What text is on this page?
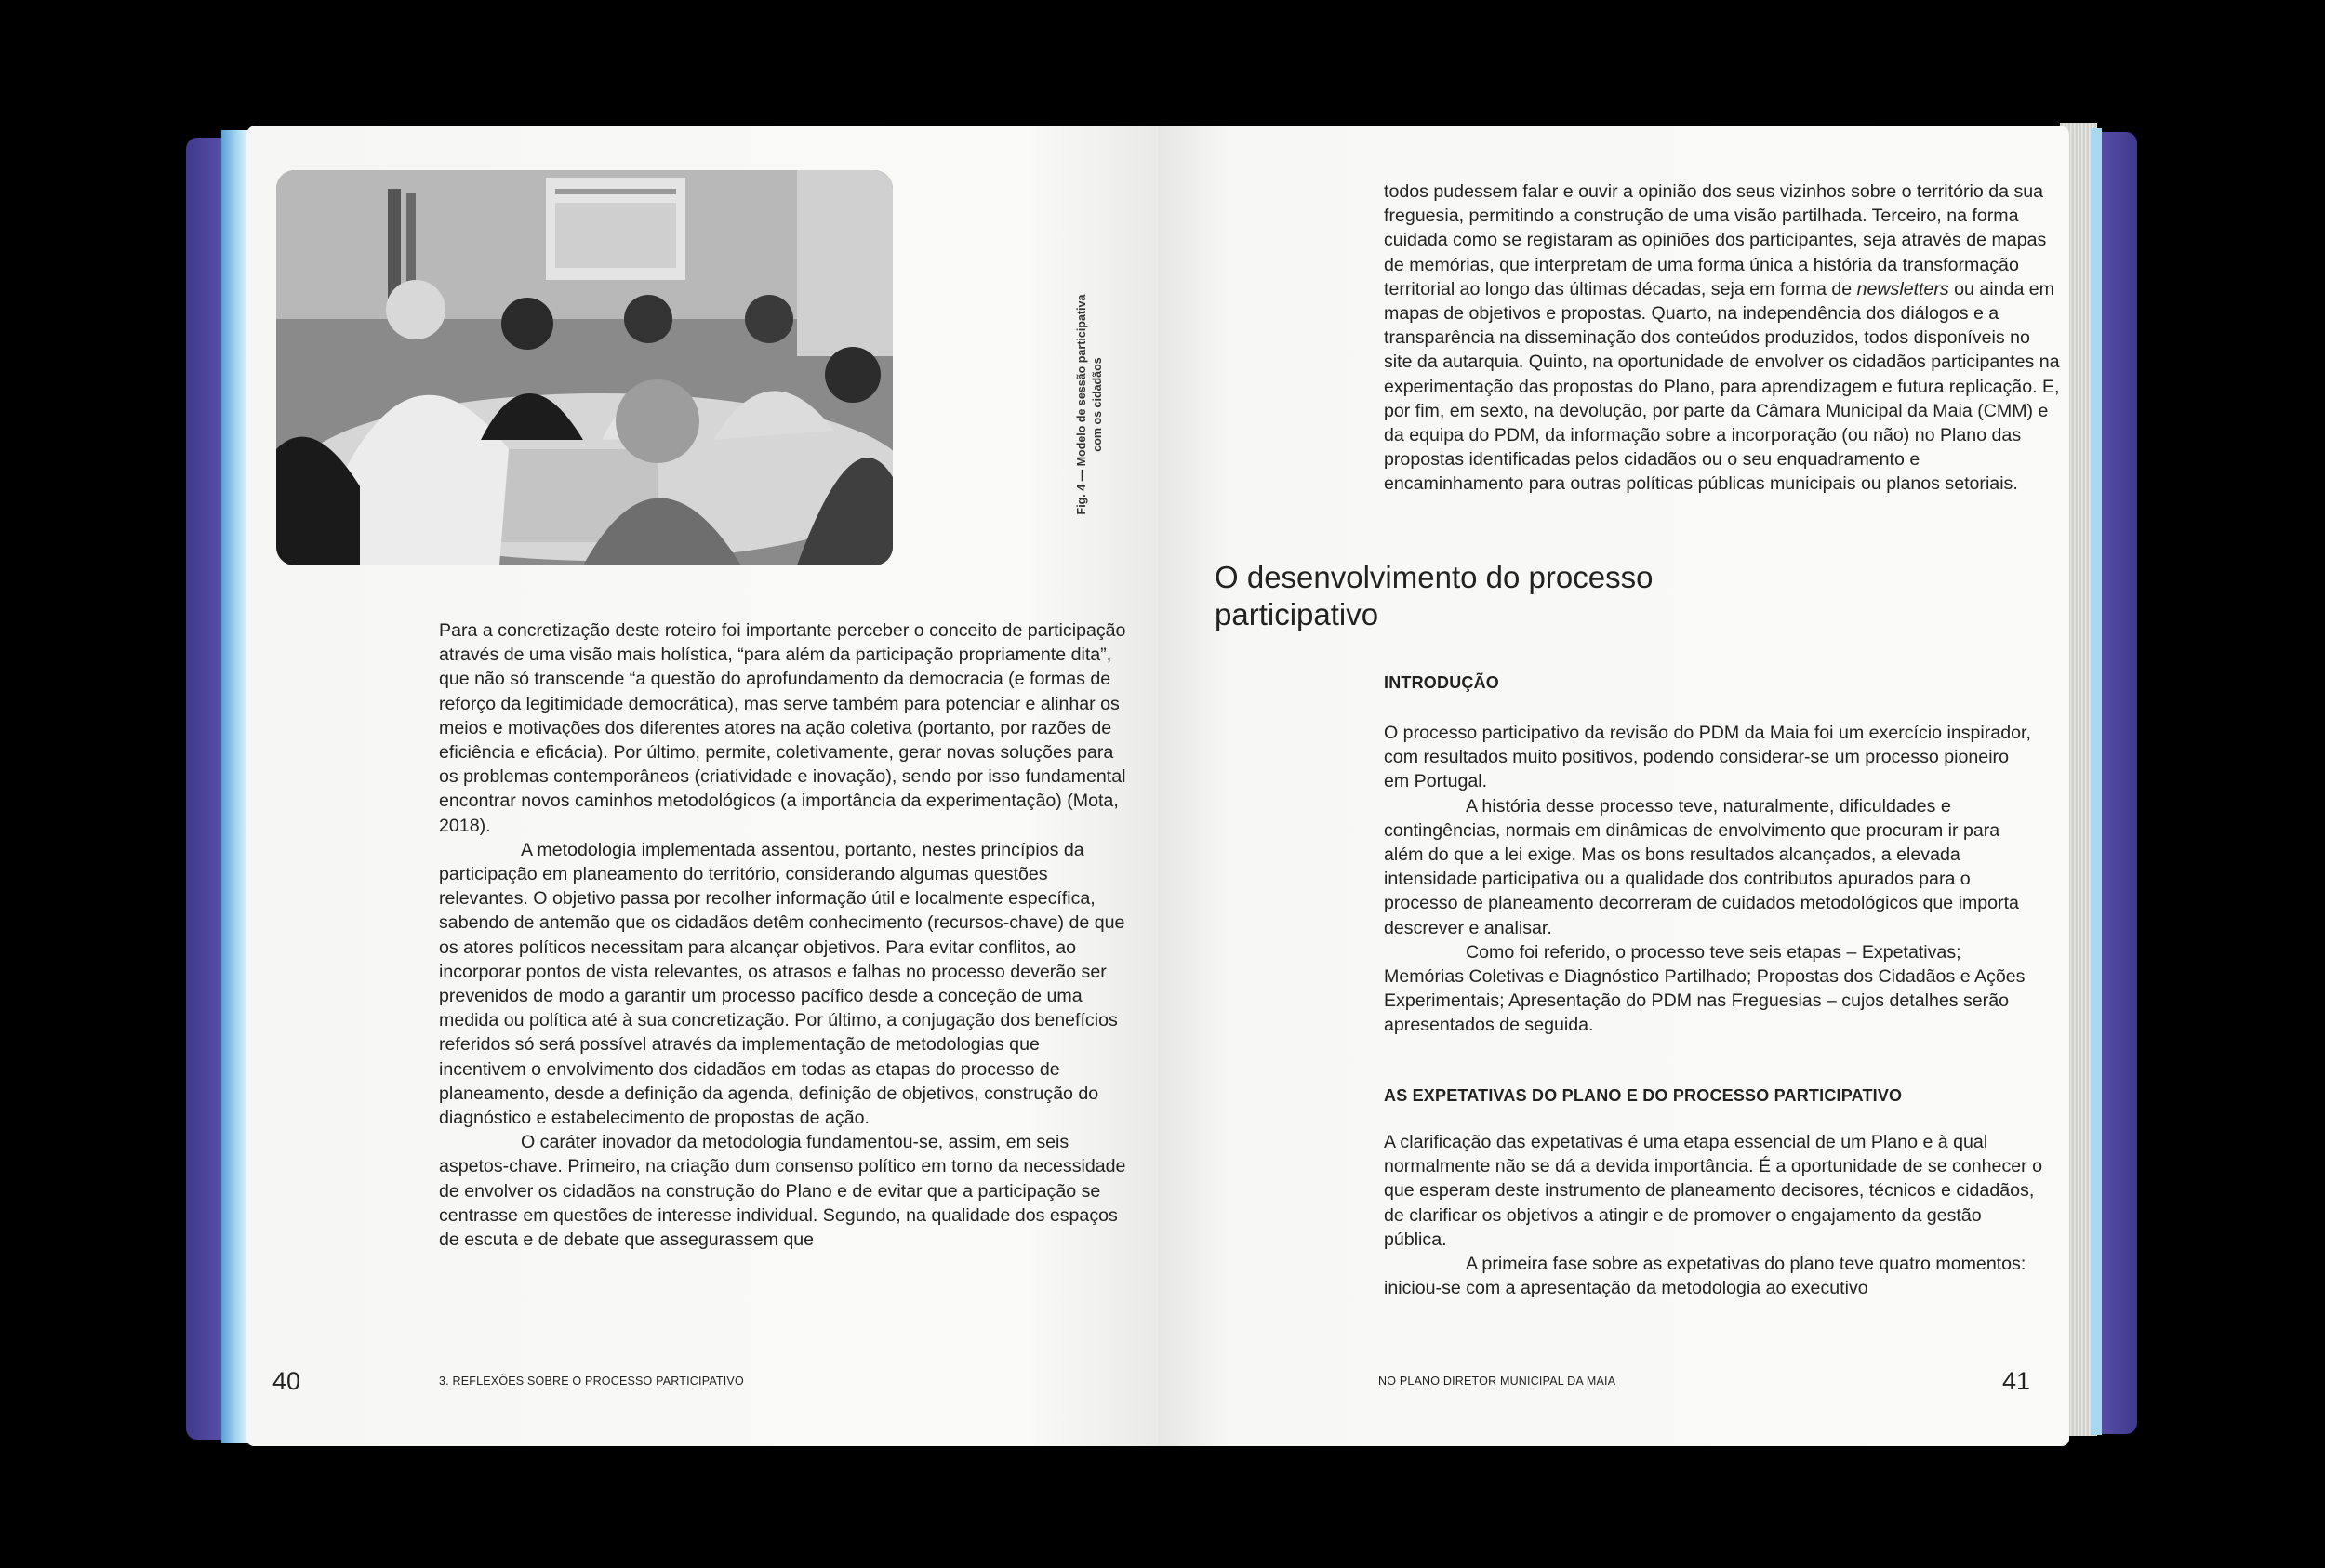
Fig. 4 — Modelo de sessão participativa com os cidadãos

Para a concretização deste roteiro foi importante perceber o conceito de participação através de uma visão mais holística, “para além da participação propriamente dita”, que não só transcende “a questão do aprofundamento da democracia (e formas de reforço da legitimidade democrática), mas serve também para potenciar e alinhar os meios e motivações dos diferentes atores na ação coletiva (portanto, por razões de eficiência e eficácia). Por último, permite, coletivamente, gerar novas soluções para os problemas contemporâneos (criatividade e inovação), sendo por isso fundamental encontrar novos caminhos metodológicos (a importância da experimentação) (Mota, 2018).

A metodologia implementada assentou, portanto, nestes princípios da participação em planeamento do território, considerando algumas questões relevantes. O objetivo passa por recolher informação útil e localmente específica, sabendo de antemão que os cidadãos detêm conhecimento (recursos-chave) de que os atores políticos necessitam para alcançar objetivos. Para evitar conflitos, ao incorporar pontos de vista relevantes, os atrasos e falhas no processo deverão ser prevenidos de modo a garantir um processo pacífico desde a conceção de uma medida ou política até à sua concretização. Por último, a conjugação dos benefícios referidos só será possível através da implementação de metodologias que incentivem o envolvimento dos cidadãos em todas as etapas do processo de planeamento, desde a definição da agenda, definição de objetivos, construção do diagnóstico e estabelecimento de propostas de ação.

O caráter inovador da metodologia fundamentou-se, assim, em seis aspetos-chave. Primeiro, na criação dum consenso político em torno da necessidade de envolver os cidadãos na construção do Plano e de evitar que a participação se centrasse em questões de interesse individual. Segundo, na qualidade dos espaços de escuta e de debate que assegurassem que

40	3. REFLEXÕES SOBRE O PROCESSO PARTICIPATIVO

todos pudessem falar e ouvir a opinião dos seus vizinhos sobre o território da sua freguesia, permitindo a construção de uma visão partilhada. Terceiro, na forma cuidada como se registaram as opiniões dos participantes, seja através de mapas de memórias, que interpretam de uma forma única a história da transformação territorial ao longo das últimas décadas, seja em forma de newsletters ou ainda em mapas de objetivos e propostas. Quarto, na independência dos diálogos e a transparência na disseminação dos conteúdos produzidos, todos disponíveis no site da autarquia. Quinto, na oportunidade de envolver os cidadãos participantes na experimentação das propostas do Plano, para aprendizagem e futura replicação. E, por fim, em sexto, na devolução, por parte da Câmara Municipal da Maia (CMM) e da equipa do PDM, da informação sobre a incorporação (ou não) no Plano das propostas identificadas pelos cidadãos ou o seu enquadramento e encaminhamento para outras políticas públicas municipais ou planos setoriais.

O desenvolvimento do processo participativo
INTRODUÇÃO

O processo participativo da revisão do PDM da Maia foi um exercício inspirador, com resultados muito positivos, podendo considerar-se um processo pioneiro em Portugal.

A história desse processo teve, naturalmente, dificuldades e contingências, normais em dinâmicas de envolvimento que procuram ir para além do que a lei exige. Mas os bons resultados alcançados, a elevada intensidade participativa ou a qualidade dos contributos apurados para o processo de planeamento decorreram de cuidados metodológicos que importa descrever e analisar.

Como foi referido, o processo teve seis etapas – Expetativas; Memórias Coletivas e Diagnóstico Partilhado; Propostas dos Cidadãos e Ações Experimentais; Apresentação do PDM nas Freguesias – cujos detalhes serão apresentados de seguida.

AS EXPETATIVAS DO PLANO E DO PROCESSO PARTICIPATIVO

A clarificação das expetativas é uma etapa essencial de um Plano e à qual normalmente não se dá a devida importância. É a oportunidade de se conhecer o que esperam deste instrumento de planeamento decisores, técnicos e cidadãos, de clarificar os objetivos a atingir e de promover o engajamento da gestão pública.

A primeira fase sobre as expetativas do plano teve quatro momentos: iniciou-se com a apresentação da metodologia ao executivo

NO PLANO DIRETOR MUNICIPAL DA MAIA	41
